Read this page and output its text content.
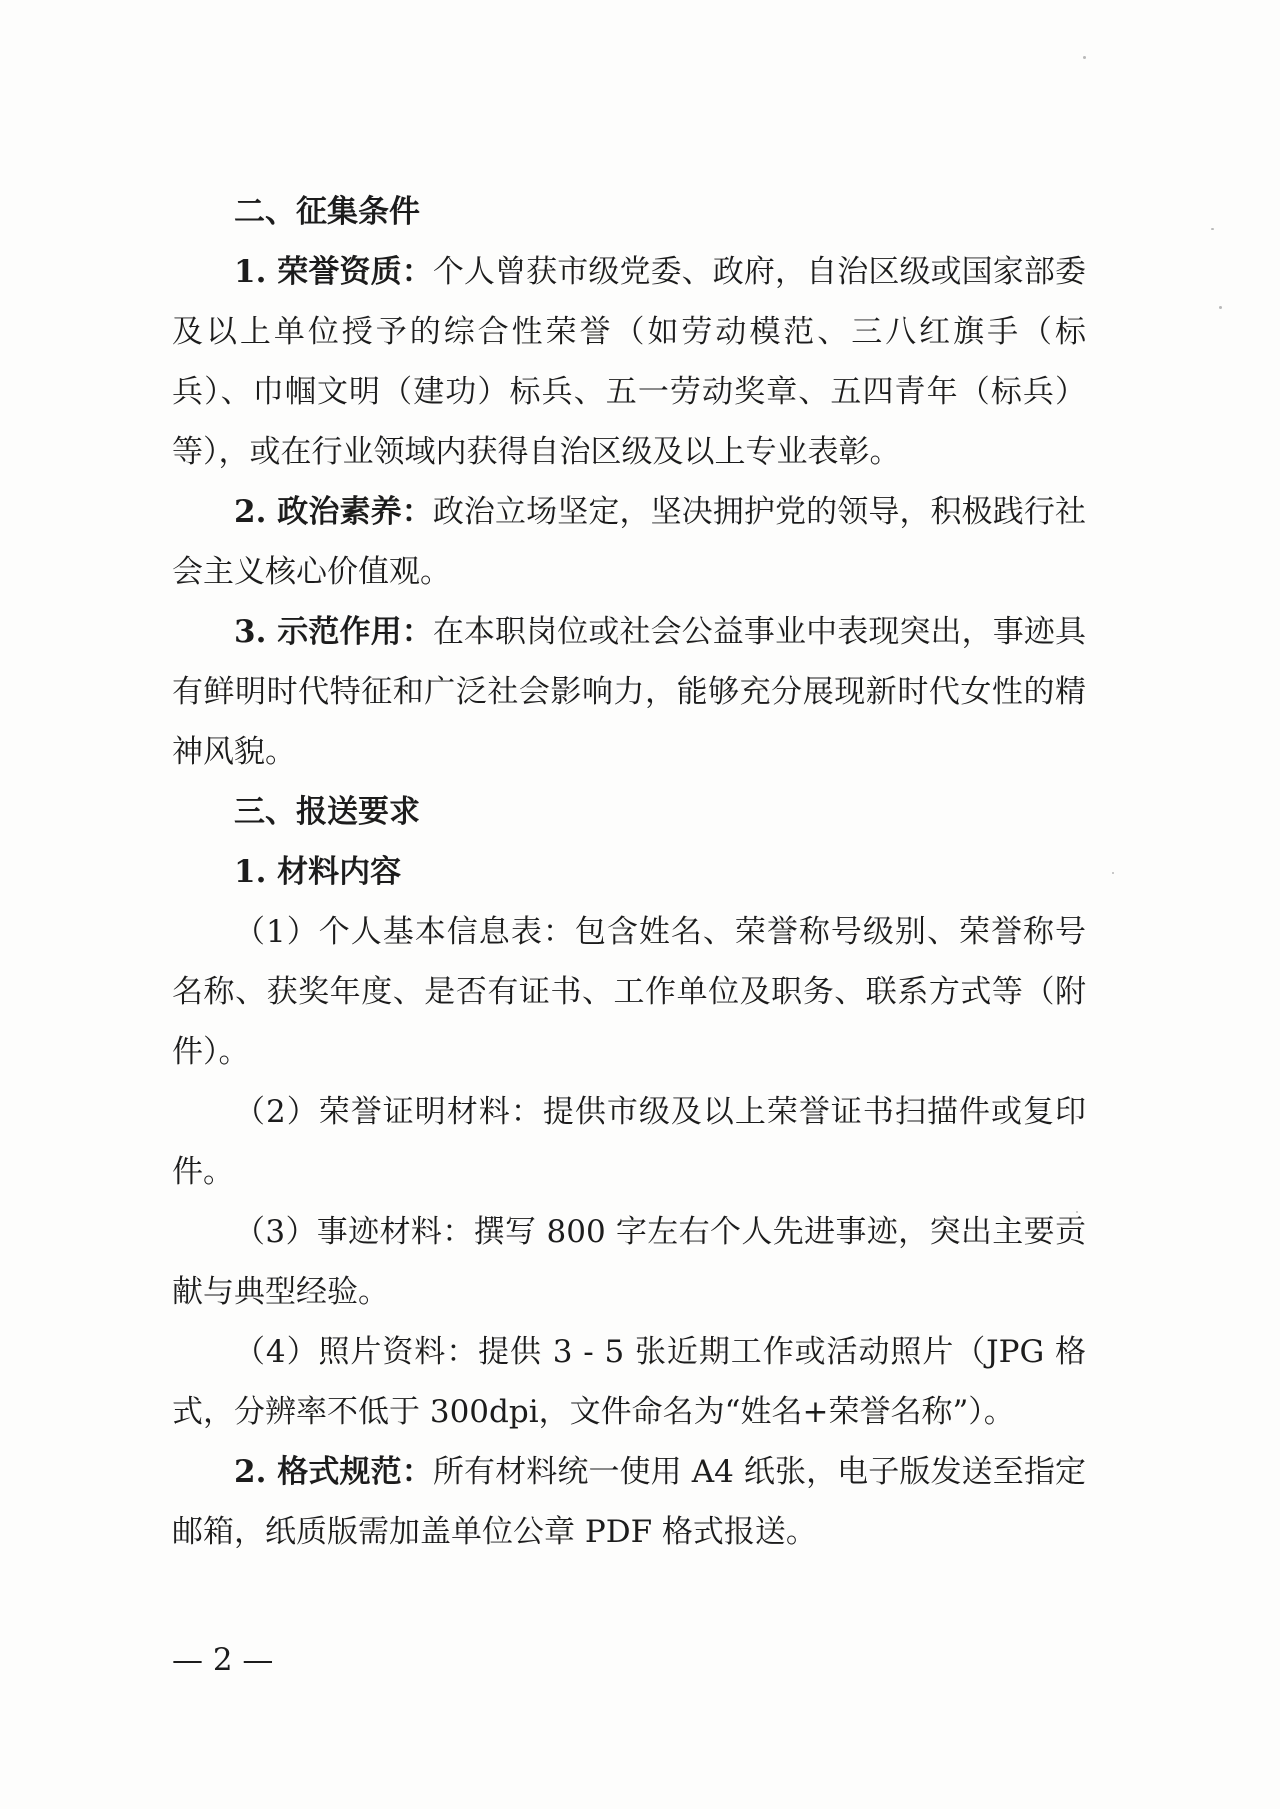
二、征集条件

1. 荣誉资质：个人曾获市级党委、政府，自治区级或国家部委及以上单位授予的综合性荣誉（如劳动模范、三八红旗手（标兵）、巾帼文明（建功）标兵、五一劳动奖章、五四青年（标兵）等），或在行业领域内获得自治区级及以上专业表彰。

2. 政治素养：政治立场坚定，坚决拥护党的领导，积极践行社会主义核心价值观。

3. 示范作用：在本职岗位或社会公益事业中表现突出，事迹具有鲜明时代特征和广泛社会影响力，能够充分展现新时代女性的精神风貌。

三、报送要求

1. 材料内容

（1）个人基本信息表：包含姓名、荣誉称号级别、荣誉称号名称、获奖年度、是否有证书、工作单位及职务、联系方式等（附件）。

（2）荣誉证明材料：提供市级及以上荣誉证书扫描件或复印件。

（3）事迹材料：撰写 800 字左右个人先进事迹，突出主要贡献与典型经验。

（4）照片资料：提供 3 - 5 张近期工作或活动照片（JPG 格式，分辨率不低于 300dpi，文件命名为“姓名+荣誉名称”）。

2. 格式规范：所有材料统一使用 A4 纸张，电子版发送至指定邮箱，纸质版需加盖单位公章 PDF 格式报送。

— 2 —
